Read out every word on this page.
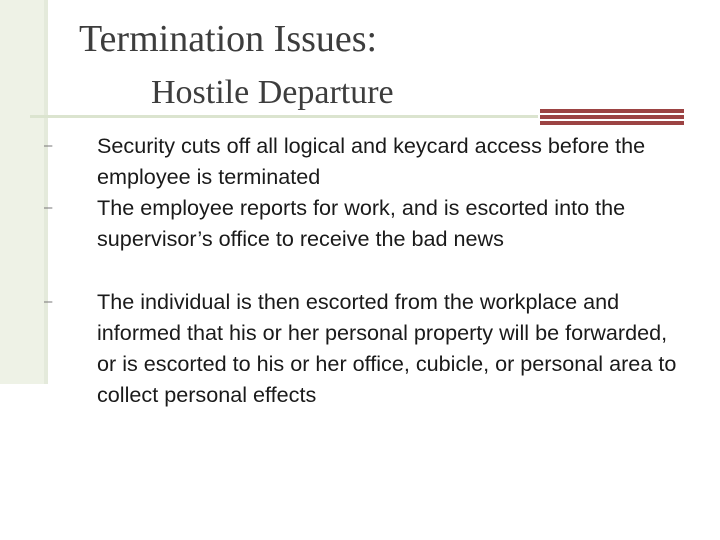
Termination Issues:
Hostile Departure
– Security cuts off all logical and keycard access before the employee is terminated
– The employee reports for work, and is escorted into the supervisor’s office to receive the bad news
– The individual is then escorted from the workplace and informed that his or her personal property will be forwarded, or is escorted to his or her office, cubicle, or personal area to collect personal effects
